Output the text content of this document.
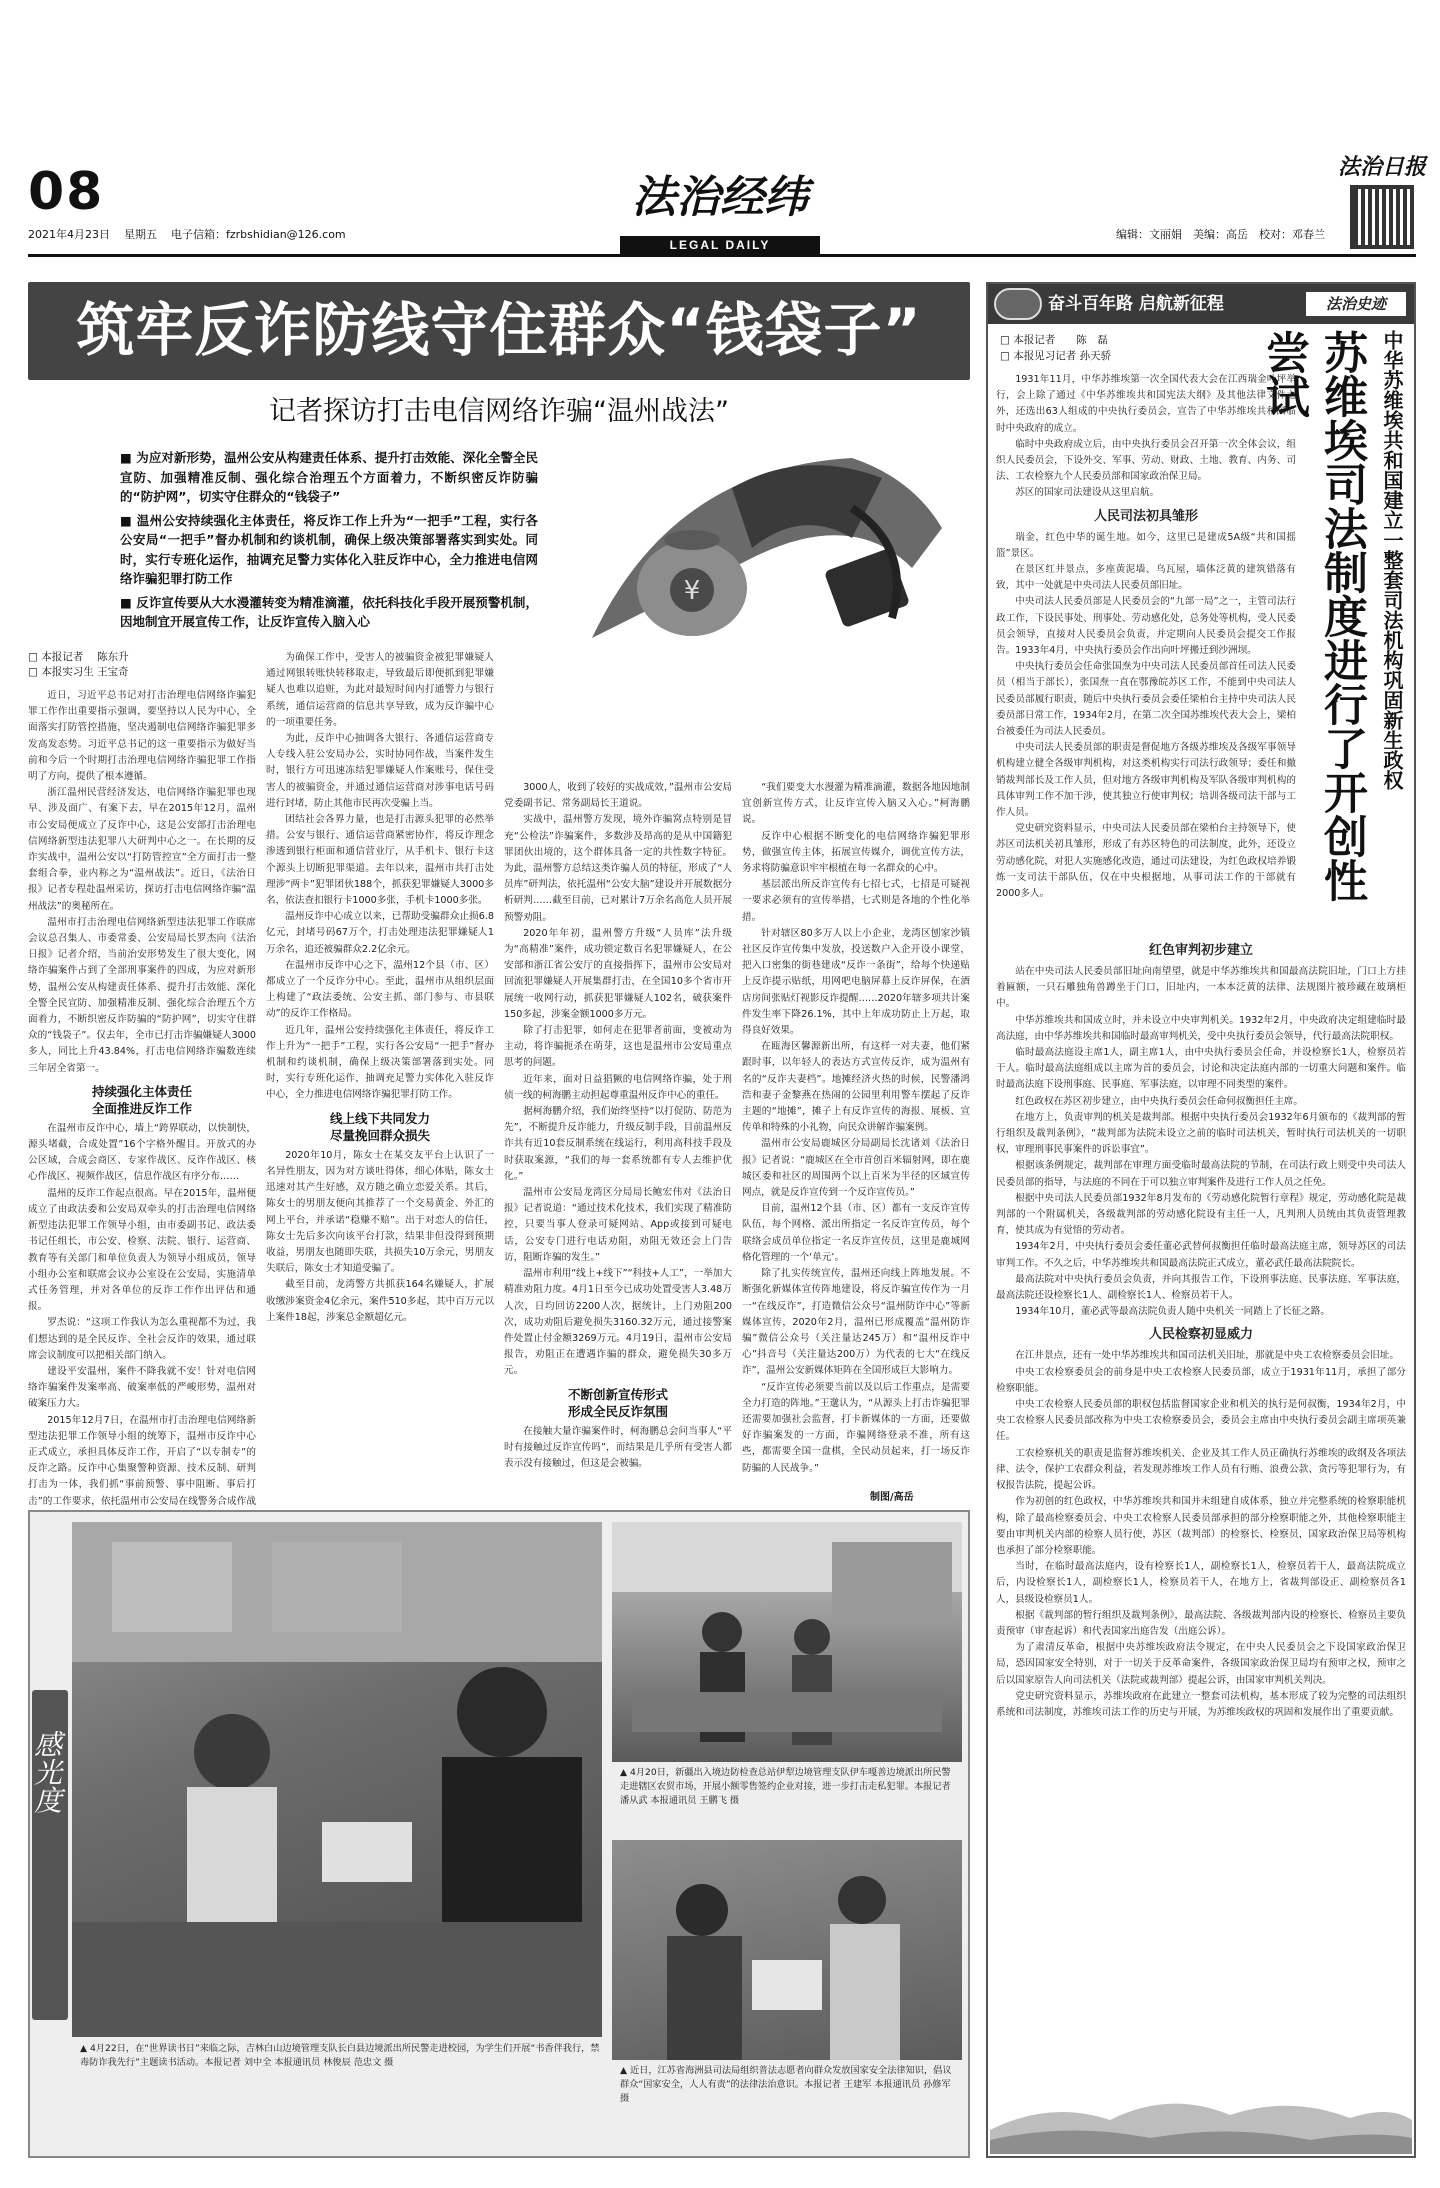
08	法治经纬
LEGAL DAILY
法治日报
2021年4月23日 星期五 电子信箱：fzrbshidian@126.com	编辑：文丽娟　美编：高岳　校对：邓春兰
筑牢反诈防线守住群众“钱袋子”
记者探访打击电信网络诈骗“温州战法”

■ 为应对新形势，温州公安从构建责任体系、提升打击效能、深化全警全民宣防、加强精准反制、强化综合治理五个方面着力，不断织密反诈防骗的“防护网”，切实守住群众的“钱袋子”

■ 温州公安持续强化主体责任，将反诈工作上升为“一把手”工程，实行各公安局“一把手”督办机制和约谈机制，确保上级决策部署落实到实处。同时，实行专班化运作，抽调充足警力实体化入驻反诈中心，全力推进电信网络诈骗犯罪打防工作

■ 反诈宣传要从大水漫灌转变为精准滴灌，依托科技化手段开展预警机制，因地制宜开展宣传工作，让反诈宣传入脑入心

¥
□ 本报记者　 陈东升
□ 本报实习生 王宝奇

近日，习近平总书记对打击治理电信网络诈骗犯罪工作作出重要指示强调，要坚持以人民为中心，全面落实打防管控措施，坚决遏制电信网络诈骗犯罪多发高发态势。习近平总书记的这一重要指示为做好当前和今后一个时期打击治理电信网络诈骗犯罪工作指明了方向，提供了根本遵循。

浙江温州民营经济发达，电信网络诈骗犯罪也现早、涉及面广、有案下去，早在2015年12月，温州市公安局便成立了反诈中心，这是公安部打击治理电信网络新型违法犯罪八大研判中心之一。在长期的反诈实战中，温州公安以“打防管控宣”全方面打击一整套组合拳，业内称之为“温州战法”。近日，《法治日报》记者专程赴温州采访，探访打击电信网络诈骗“温州战法”的奥秘所在。

温州市打击治理电信网络新型违法犯罪工作联席会议总召集人、市委常委、公安局局长罗杰向《法治日报》记者介绍，当前治安形势发生了很大变化，网络诈骗案件占到了全部刑事案件的四成，为应对新形势，温州公安从构建责任体系、提升打击效能、深化全警全民宣防、加强精准反制、强化综合治理五个方面着力，不断织密反诈防骗的“防护网”，切实守住群众的“钱袋子”。仅去年，全市已打击诈骗嫌疑人3000多人，同比上升43.84%，打击电信网络诈骗数连续三年居全省第一。

持续强化主体责任
全面推进反诈工作

在温州市反诈中心，墙上“跨界联动，以快制快，源头堵截，合成处置”16个字格外醒目。开放式的办公区域，合成会商区、专家作战区、反诈作战区、核心作战区、视频作战区，信息作战区有序分布……

温州的反诈工作起点很高。早在2015年，温州便成立了由政法委和公安局双牵头的打击治理电信网络新型违法犯罪工作领导小组，由市委副书记、政法委书记任组长，市公安、检察、法院、银行、运营商、教育等有关部门和单位负责人为领导小组成员，领导小组办公室和联席会议办公室设在公安局，实施清单式任务管理，并对各单位的反诈工作作出评估和通报。

罗杰说：“这项工作我认为怎么重视都不为过，我们想达到的是全民反诈、全社会反诈的效果，通过联席会议制度可以把相关部门纳入。

建设平安温州，案件不降我就不安！针对电信网络诈骗案件发案率高、破案率低的严峻形势，温州对破案压力大。

2015年12月7日，在温州市打击治理电信网络新型违法犯罪工作领导小组的统筹下，温州市反诈中心正式成立，承担具体反诈工作，开启了“以专制专”的反诈之路。反诈中心集聚警种资源、技术反制、研判打击为一体，我们抓“事前预警、事中阻断、事后打击”的工作要求，依托温州市公安局在线警务合成作战

为确保工作中，受害人的被骗资金被犯罪嫌疑人通过网银转账快转移取走，导致最后即便抓到犯罪嫌疑人也难以追赃，为此对最短时间内打通警力与银行系统，通信运营商的信息共享导致，成为反诈骗中心的一项重要任务。

为此，反诈中心抽调各大银行、各通信运营商专人专线入驻公安局办公，实时协同作战，当案件发生时，银行方可迅速冻结犯罪嫌疑人作案账号，保住受害人的被骗资金，并通过通信运营商对涉事电话号码进行封堵，防止其他市民再次受骗上当。

团结社会各界力量，也是打击源头犯罪的必然举措。公安与银行、通信运营商紧密协作，将反诈理念渗透到银行柜面和通信营业厅，从手机卡、银行卡这个源头上切断犯罪渠道。去年以来，温州市共打击处理涉“两卡”犯罪团伙188个，抓获犯罪嫌疑人3000多名，依法查扣银行卡1000多张，手机卡1000多张。

温州反诈中心成立以来，已帮助受骗群众止损6.8亿元，封堵号码67万个，打击处理违法犯罪嫌疑人1万余名，追还被骗群众2.2亿余元。

在温州市反诈中心之下，温州12个县（市、区）都成立了一个反诈分中心。至此，温州市从组织层面上构建了“政法委统、公安主抓、部门参与、市县联动”的反诈工作格局。

近几年，温州公安持续强化主体责任，将反诈工作上升为“一把手”工程，实行各公安局“一把手”督办机制和约谈机制，确保上级决策部署落到实处。同时，实行专班化运作，抽调充足警力实体化入驻反诈中心，全力推进电信网络诈骗犯罪打防工作。

线上线下共同发力
尽量挽回群众损失

2020年10月，陈女士在某交友平台上认识了一名异性朋友，因为对方谈吐得体，细心体贴，陈女士迅速对其产生好感，双方随之确立恋爱关系。其后，陈女士的男朋友便向其推荐了一个交易黄金、外汇的网上平台，并承诺“稳赚不赔”。出于对恋人的信任，陈女士先后多次向该平台打款，结果非但没得到预期收益，男朋友也随即失联，共损失10万余元，男朋友失联后，陈女士才知道受骗了。

截至目前，龙湾警方共抓获164名嫌疑人，扩展收缴涉案资金4亿余元，案件510多起，其中百万元以上案件18起，涉案总金额超亿元。

3000人，收到了较好的实战成效，”温州市公安局党委副书记、常务副局长王道说。

实战中，温州警方发现，境外诈骗窝点特别是冒充“公检法”诈骗案件，多数涉及昂高的是从中国籍犯罪团伙出境的，这个群体具备一定的共性数字特征。为此，温州警方总结这类诈骗人员的特征，形成了“人员库”研判法，依托温州“公安大脑”建设并开展数据分析研判……截至目前，已对累计7万余名高危人员开展预警劝阻。

2020年年初，温州警方升级“人员库”法升级为“高精准”案件，成功锁定数百名犯罪嫌疑人，在公安部和浙江省公安厅的直接指挥下，温州市公安局对回流犯罪嫌疑人开展集群打击，在全国10多个省市开展统一收网行动，抓获犯罪嫌疑人102名，破获案件150多起，涉案金额1000多万元。

除了打击犯罪，如何走在犯罪者前面，变被动为主动，将诈骗扼杀在萌芽，这也是温州市公安局重点思考的问题。

近年来，面对日益猖獗的电信网络诈骗，处于刑侦一线的柯海鹏主动担起尊重温州反诈中心的重任。

据柯海鹏介绍，我们始终坚持“以打促防、防范为先”，不断提升反诈能力，升级反制手段，目前温州反诈共有近10套反制系统在线运行，利用高科技手段及时获取案源，“我们的每一套系统都有专人去维护优化。”

温州市公安局龙湾区分局局长鲍宏伟对《法治日报》记者说道：“通过技术化技术，我们实现了精准防控，只要当事人登录可疑网站、App或接到可疑电话，公安专门进行电话劝阻，劝阻无效还会上门告访，阻断诈骗的发生。”

温州市利用“线上+线下”“科技+人工”，一举加大精准劝阻力度。4月1日至今已成功处置受害人3.48万人次，日均回访2200人次，据统计，上门劝阻200次，成功劝阻后避免损失3160.32万元，通过接警案件处置止付金额3269万元。4月19日，温州市公安局报告，劝阻正在遭遇诈骗的群众，避免损失30多万元。

不断创新宣传形式
形成全民反诈氛围

在接触大量诈骗案件时，柯海鹏总会问当事人“平时有接触过反诈宣传吗”，而结果是几乎所有受害人都表示没有接触过，但这是会被骗。

“我们要变大水漫灌为精准滴灌，数据各地因地制宜创新宣传方式，让反诈宣传入脑又入心。”柯海鹏说。

反诈中心根据不断变化的电信网络诈骗犯罪形势，做强宣传主体，拓展宣传媒介，调优宣传方法，务求将防骗意识牢牢根植在每一名群众的心中。

基层派出所反诈宣传有七招七式，七招是可疑视一要求必须有的宣传举措，七式则是各地的个性化举措。

针对辖区80多万人以上小企业，龙湾区刨家沙镇社区反诈宣传集中发放，投送数户入企开设小课堂，把入口密集的街巷建成“反诈一条街”，给每个快递贴上反诈提示贴纸，用网吧电脑屏幕上反诈屏保，在酒店房间张贴灯视影反诈提醒……2020年辖多项共计案件发生率下降26.1%，其中上年成功防止上万起，取得良好效果。

在瓯海区馨源新出所，有这样一对夫妻，他们紧跟时事，以年轻人的表达方式宣传反诈，成为温州有名的“反诈夫妻档”。地摊经济火热的时候，民警潘鸿浩和妻子金黎燕在热闹的公园里利用警车摆起了反诈主题的“地摊”，摊子上有反诈宣传的海报、展板、宣传单和特殊的小礼物，向民众讲解诈骗案例。

温州市公安局鹿城区分局副局长沈诸刘《法治日报》记者说：“鹿城区在全市首创百米辐射网，即在鹿城区委和社区的周围两个以上百米为半径的区域宣传网点，就是反诈宣传到一个反诈宣传员。”

目前，温州12个县（市、区）都有一支反诈宣传队伍，每个网格、派出所指定一名反诈宣传员，每个联络会成员单位指定一名反诈宣传员，这里是鹿城网格化管理的一个‘单元’。

除了扎实传统宣传，温州还向线上阵地发展。不断强化新媒体宣传阵地建设，将反诈骗宣传作为一月一“在线反诈”，打造微信公众号“温州防诈中心”等新媒体宣传，2020年2月，温州已形成覆盖“温州防诈骗”微信公众号（关注量达245万）和“温州反诈中心”抖音号（关注量达200万）为代表的七大“在线反诈”，温州公安新媒体矩阵在全国形成巨大影响力。

“反诈宣传必须要当前以及以后工作重点，是需要全力打造的阵地。”王邈认为，“从源头上打击诈骗犯罪还需要加强社会监督，打卡新媒体的一方面，还要做好诈骗案发的一方面，诈骗网络登录不准，所有这些，都需要全国一盘棋，全民动员起来，打一场反诈防骗的人民战争。”

制图/高岳
感光度
▲ 4月22日，在“世界读书日”来临之际，吉林白山边境管理支队长白县边境派出所民警走进校园，为学生们开展“书香伴我行，禁毒防诈我先行”主题读书活动。本报记者 刘中全 本报通讯员 林俊辰 范忠文 摄
▲ 4月20日，新疆出入境边防检查总站伊犁边境管理支队伊车嘎善边境派出所民警走进辖区农贸市场，开展小额零售签约企业对接，进一步打击走私犯罪。本报记者 潘从武 本报通讯员 王鹏飞 摄
▲ 近日，江苏省海洲县司法局组织普法志愿者向群众发放国家安全法律知识，倡议群众“国家安全，人人有责”的法律法治意识。本报记者 王建军 本报通讯员 孙修军 摄
奋斗百年路 启航新征程	法治史迹
□ 本报记者　　陈　磊
□ 本报见习记者 孙天骄	中华苏维埃共和国建立一整套司法机构巩固新生政权
苏维埃司法制度进行了开创性尝试

1931年11月，中华苏维埃第一次全国代表大会在江西瑞金叶坪举行，会上除了通过《中华苏维埃共和国宪法大纲》及其他法律文件之外，还选出63人组成的中央执行委员会，宣告了中华苏维埃共和国临时中央政府的成立。

临时中央政府成立后，由中央执行委员会召开第一次全体会议，组织人民委员会，下设外交、军事、劳动、财政、土地、教育、内务、司法、工农检察九个人民委员部和国家政治保卫局。

苏区的国家司法建设从这里启航。

人民司法初具雏形

瑞金，红色中华的诞生地。如今，这里已是建成5A级“共和国摇篮”景区。

在景区红井景点，多座黄泥墙、乌瓦屋，墙体泛黄的建筑错落有致，其中一处就是中央司法人民委员部旧址。

中央司法人民委员部是人民委员会的“九部一局”之一，主管司法行政工作，下设民事处、刑事处、劳动感化处，总务处等机构，受人民委员会领导，直接对人民委员会负责，并定期向人民委员会提交工作报告。1933年4月，中央执行委员会作出向叶坪搬迁到沙洲坝。

中央执行委员会任命张国焘为中央司法人民委员部首任司法人民委员（相当于部长），张国焘一直在鄂豫皖苏区工作，不能到中央司法人民委员部履行职责，随后中央执行委员会委任梁柏台主持中央司法人民委员部日常工作，1934年2月，在第二次全国苏维埃代表大会上，梁柏台被委任为司法人民委员。

中央司法人民委员部的职责是督促地方各级苏维埃及各级军事领导机构建立健全各级审判机构，对这类机构实行司法行政领导；委任和撤销裁判部长及工作人员，但对地方各级审判机构及军队各级审判机构的具体审判工作不加干涉，使其独立行使审判权；培训各级司法干部与工作人员。

党史研究资料显示，中央司法人民委员部在梁柏台主持领导下，使苏区司法机关初具雏形，形成了有苏区特色的司法制度，此外，还设立劳动感化院，对犯人实施感化改造，通过司法建设，为红色政权培养锻炼一支司法干部队伍，仅在中央根据地，从事司法工作的干部就有2000多人。

红色审判初步建立

站在中央司法人民委员部旧址向南望望，就是中华苏维埃共和国最高法院旧址，门口上方挂着匾额，一只石雕独角兽蹲坐于门口，旧址内，一本本泛黄的法律、法规图片被珍藏在玻璃柜中。

中华苏维埃共和国成立时，并未设立中央审判机关。1932年2月，中央政府决定组建临时最高法庭，由中华苏维埃共和国临时最高审判机关，受中央执行委员会领导，代行最高法院职权。

临时最高法庭设主席1人，副主席1人，由中央执行委员会任命，并设检察长1人，检察员若干人。临时最高法庭组成以主席为首的委员会，讨论和决定法庭内部的一切重大问题和案件。临时最高法庭下设刑事庭、民事庭、军事法庭，以审理不同类型的案件。

红色政权在苏区初步建立，由中央执行委员会任命何叔衡担任主席。

在地方上，负责审判的机关是裁判部。根据中央执行委员会1932年6月颁布的《裁判部的暂行组织及裁判条例》，“裁判部为法院未设立之前的临时司法机关，暂时执行司法机关的一切职权，审理刑事民事案件的诉讼事宜”。

根据该条例规定，裁判部在审理方面受临时最高法院的节制，在司法行政上则受中央司法人民委员部的指导，与法庭的不同在于可以独立审判案件及进行工作人员之任免。

根据中央司法人民委员部1932年8月发布的《劳动感化院暂行章程》规定，劳动感化院是裁判部的一个附属机关，各级裁判部的劳动感化院设有主任一人，凡判刑人员统由其负责管理教育，使其成为有觉悟的劳动者。

1934年2月，中央执行委员会委任董必武替何叔衡担任临时最高法庭主席，领导苏区的司法审判工作。不久之后，中华苏维埃共和国最高法院正式成立，董必武任最高法院院长。

最高法院对中央执行委员会负责，并向其报告工作，下设刑事法庭、民事法庭、军事法庭，最高法院还设检察长1人、副检察长1人、检察员若干人。

1934年10月，董必武等最高法院负责人随中央机关一同踏上了长征之路。

人民检察初显威力

在江井景点，还有一处中华苏维埃共和国司法机关旧址，那就是中央工农检察委员会旧址。

中央工农检察委员会的前身是中央工农检察人民委员部，成立于1931年11月，承担了部分检察职能。

中央工农检察人民委员部的职权包括监督国家企业和机关的执行是何叔衡，1934年2月，中央工农检察人民委员部改称为中央工农检察委员会，委员会主席由中央执行委员会副主席项英兼任。

工农检察机关的职责是监督苏维埃机关、企业及其工作人员正确执行苏维埃的政纲及各项法律、法令，保护工农群众利益，若发现苏维埃工作人员有行贿、浪费公款、贪污等犯罪行为，有权报告法院，提起公诉。

作为初创的红色政权，中华苏维埃共和国并未组建自成体系，独立并完整系统的检察职能机构，除了最高检察委员会、中央工农检察人民委员部承担的部分检察职能之外，其他检察职能主要由审判机关内部的检察人员行使，苏区（裁判部）的检察长、检察员，国家政治保卫局等机构也承担了部分检察职能。

当时，在临时最高法庭内，设有检察长1人，副检察长1人，检察员若干人，最高法院成立后，内设检察长1人，副检察长1人，检察员若干人，在地方上，省裁判部设正、副检察员各1人，县级设检察员1人。

根据《裁判部的暂行组织及裁判条例》，最高法院、各级裁判部内设的检察长、检察员主要负责预审（审查起诉）和代表国家出庭告发（出庭公诉）。

为了肃清反革命，根据中央苏维埃政府法令规定，在中央人民委员会之下设国家政治保卫局，恐因国家安全特别，对于一切关于反革命案件，各级国家政治保卫局均有预审之权，预审之后以国家原告人向司法机关（法院或裁判部）提起公诉，由国家审判机关判决。

党史研究资料显示，苏维埃政府在此建立一整套司法机构，基本形成了较为完整的司法组织系统和司法制度，苏维埃司法工作的历史与开展，为苏维埃政权的巩固和发展作出了重要贡献。
